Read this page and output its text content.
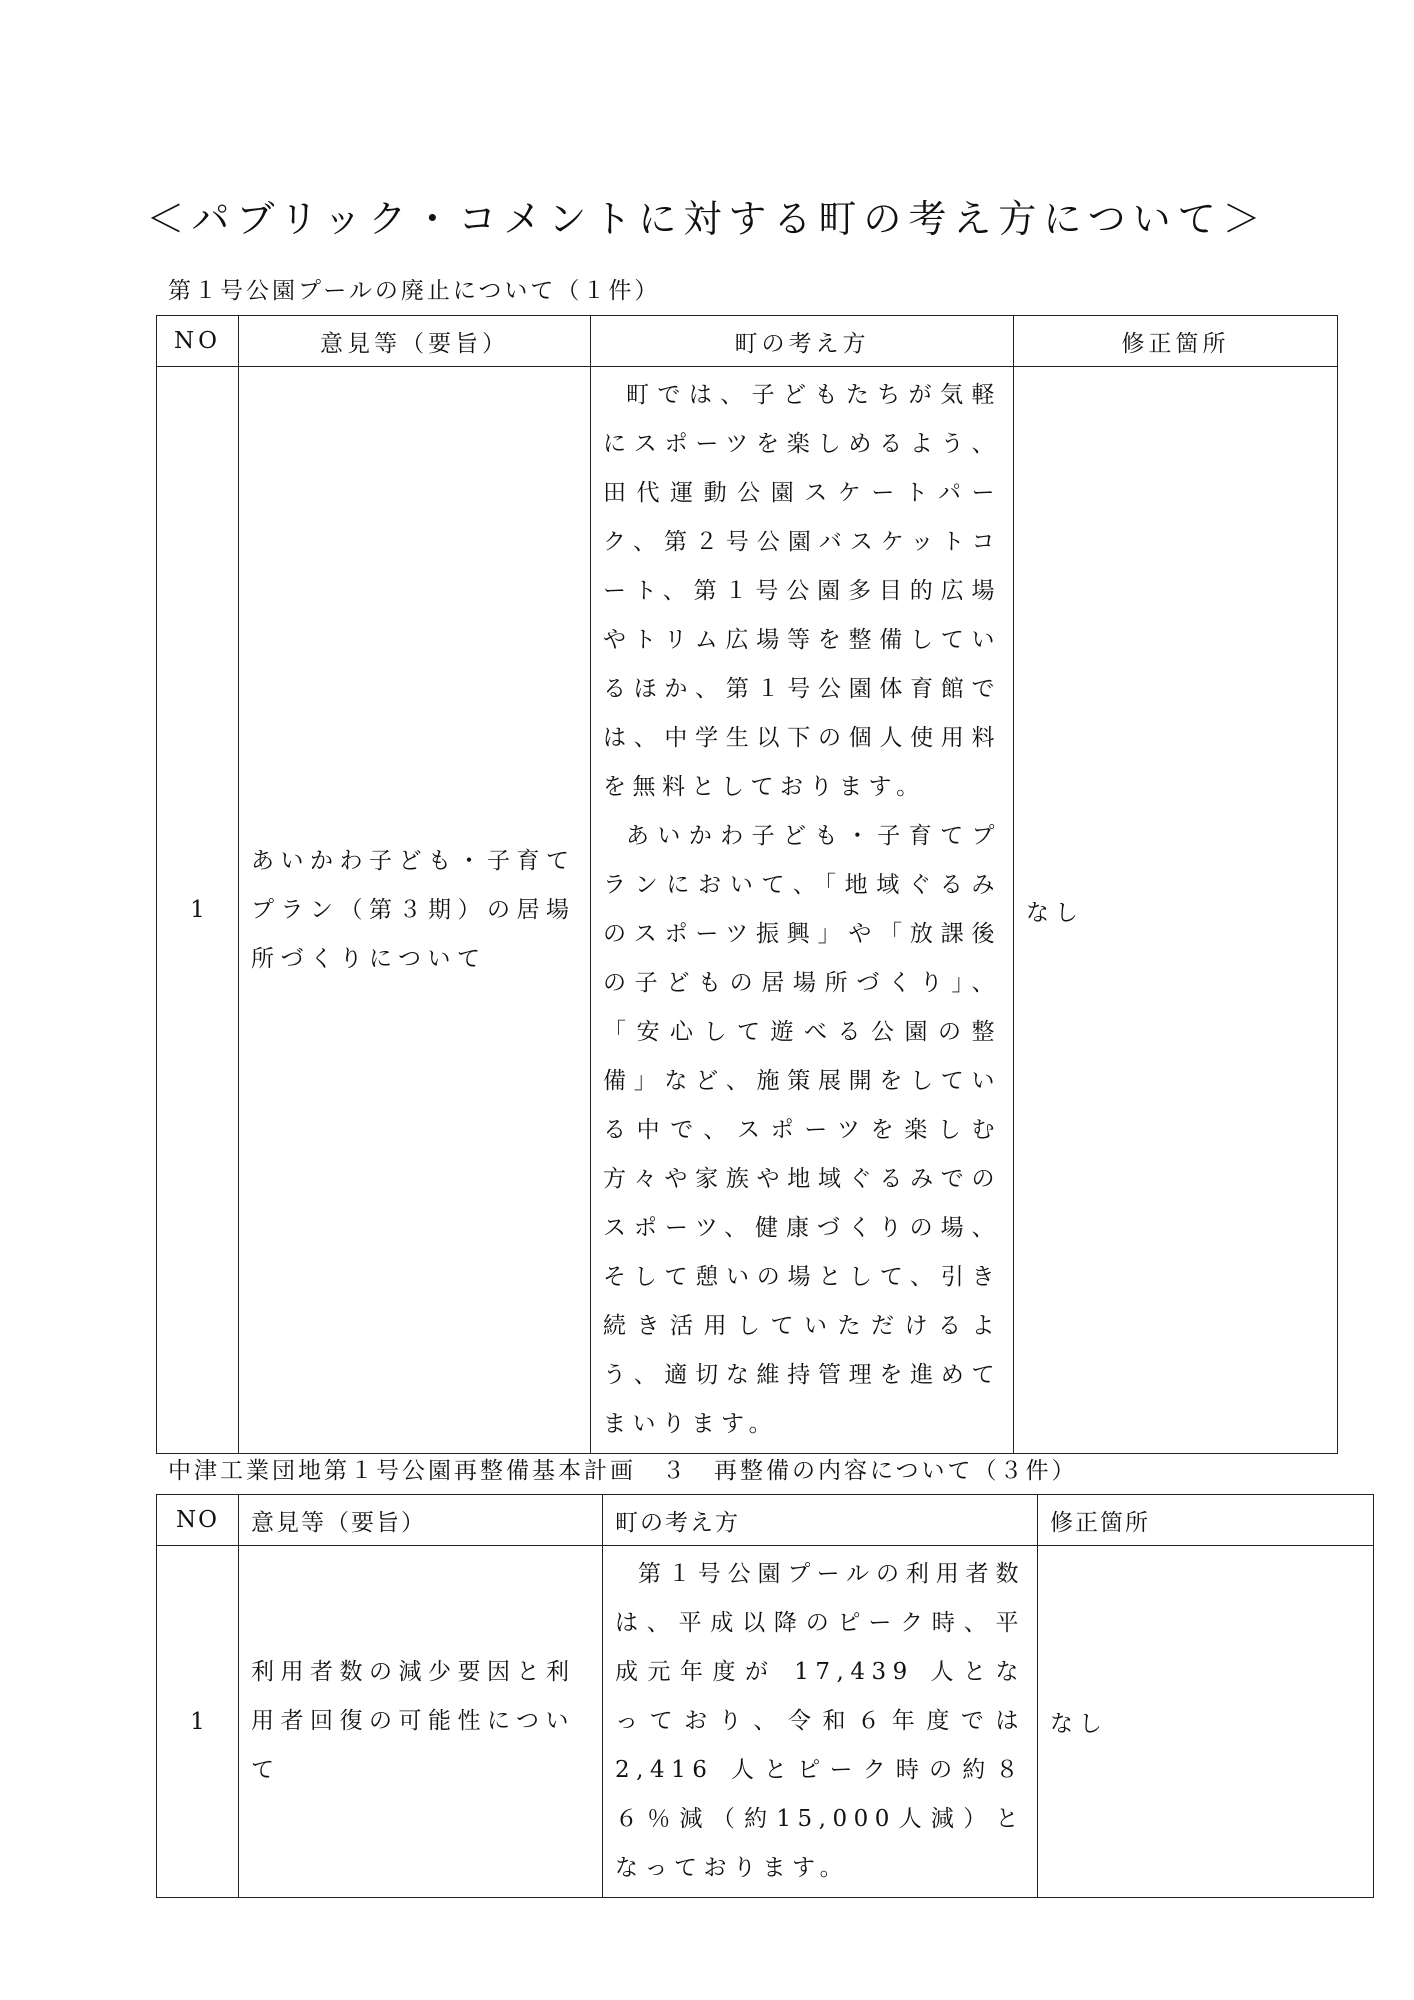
＜パブリック・コメントに対する町の考え方について＞
第１号公園プールの廃止について（１件）
NO	意見等（要旨）	町の考え方	修正箇所
1	あいかわ子ども・子育てプラン（第３期）の居場所づくりについて	町では、子どもたちが気軽にスポーツを楽しめるよう、田代運動公園スケートパーク、第２号公園バスケットコート、第１号公園多目的広場やトリム広場等を整備しているほか、第１号公園体育館では、中学生以下の個人使用料を無料としております。

あいかわ子ども・子育てプランにおいて、「地域ぐるみのスポーツ振興」や「放課後の子どもの居場所づくり」、「安心して遊べる公園の整備」など、施策展開をしている中で、スポーツを楽しむ方々や家族や地域ぐるみでのスポーツ、健康づくりの場、そして憩いの場として、引き続き活用していただけるよう、適切な維持管理を進めてまいります。	なし
中津工業団地第１号公園再整備基本計画　３　再整備の内容について（３件）
NO	意見等（要旨）	町の考え方	修正箇所
1	利用者数の減少要因と利用者回復の可能性について	第１号公園プールの利用者数は、平成以降のピーク時、平成元年度が 17,439 人となっており、令和６年度では 2,416 人とピーク時の約８６％減（約15,000人減）となっております。	なし
